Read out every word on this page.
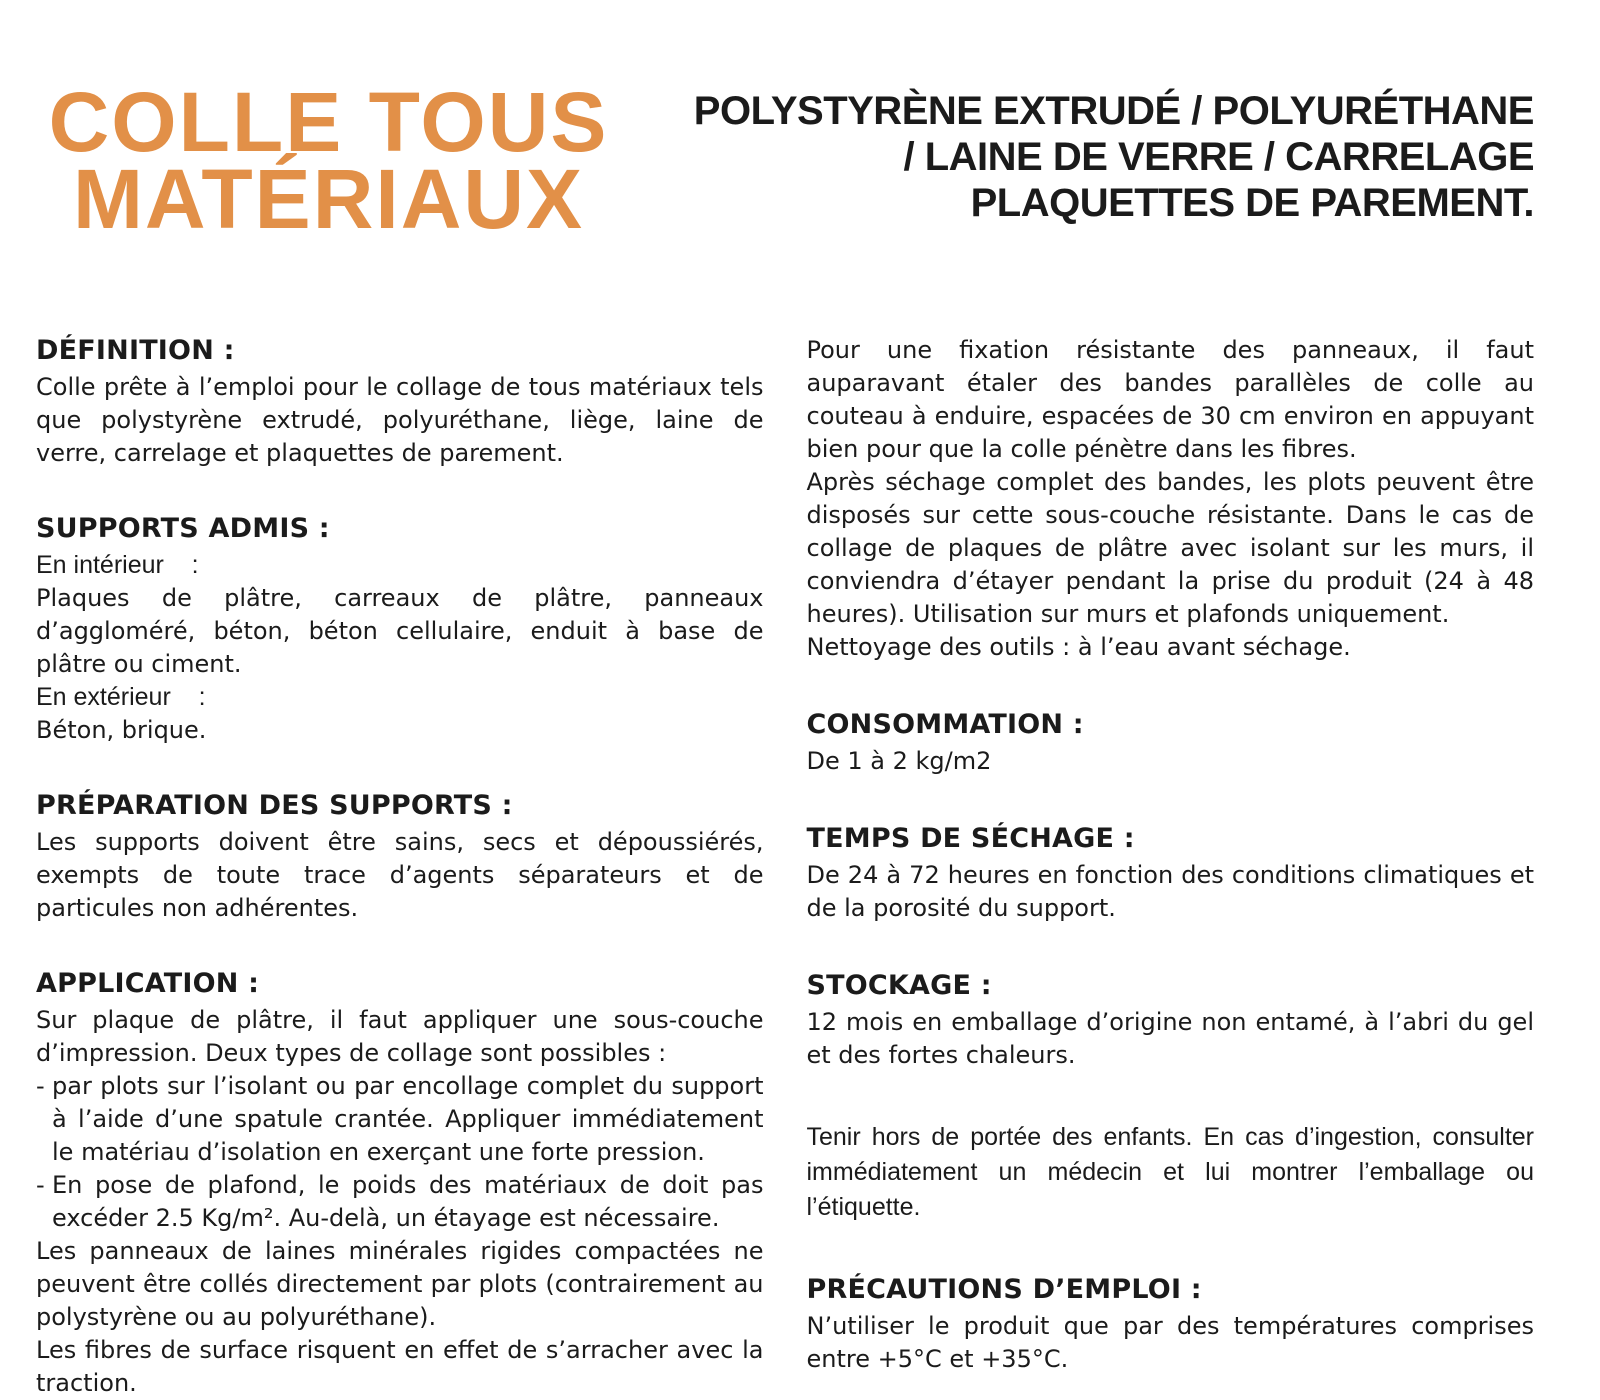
COLLE TOUS
MATÉRIAUX
POLYSTYRÈNE EXTRUDÉ / POLYURÉTHANE
/ LAINE DE VERRE / CARRELAGE
PLAQUETTES DE PAREMENT.
DÉFINITION :

Colle prête à l’emploi pour le collage de tous matériaux tels que polystyrène extrudé, polyuréthane, liège, laine de verre, carrelage et plaquettes de parement.

SUPPORTS ADMIS :

En intérieur    :

Plaques de plâtre, carreaux de plâtre, panneaux d’aggloméré, béton, béton cellulaire, enduit à base de plâtre ou ciment.

En extérieur    :

Béton, brique.

PRÉPARATION DES SUPPORTS :

Les supports doivent être sains, secs et dépoussiérés, exempts de toute trace d’agents séparateurs et de particules non adhérentes.

APPLICATION :

Sur plaque de plâtre, il faut appliquer une sous-couche d’impression. Deux types de collage sont possibles :

- par plots sur l’isolant ou par encollage complet du support à l’aide d’une spatule crantée. Appliquer immédiatement le matériau d’isolation en exerçant une forte pression.

- En pose de plafond, le poids des matériaux de doit pas excéder 2.5 Kg/m². Au-delà, un étayage est nécessaire.

Les panneaux de laines minérales rigides compactées ne peuvent être collés directement par plots (contrairement au polystyrène ou au polyuréthane).

Les fibres de surface risquent en effet de s’arracher avec la traction.

Pour une fixation résistante des panneaux, il faut auparavant étaler des bandes parallèles de colle au couteau à enduire, espacées de 30 cm environ en appuyant bien pour que la colle pénètre dans les fibres.

Après séchage complet des bandes, les plots peuvent être disposés sur cette sous-couche résistante. Dans le cas de collage de plaques de plâtre avec isolant sur les murs, il conviendra d’étayer pendant la prise du produit (24 à 48 heures). Utilisation sur murs et plafonds uniquement.

Nettoyage des outils : à l’eau avant séchage.

CONSOMMATION :

De 1 à 2 kg/m2

TEMPS DE SÉCHAGE :

De 24 à 72 heures en fonction des conditions climatiques et de la porosité du support.

STOCKAGE :

12 mois en emballage d’origine non entamé, à l’abri du gel et des fortes chaleurs.

Tenir hors de portée des enfants. En cas d’ingestion, consulter immédiatement un médecin et lui montrer l’emballage ou l’étiquette.

PRÉCAUTIONS D’EMPLOI :

N’utiliser le produit que par des températures comprises entre +5°C et +35°C.
